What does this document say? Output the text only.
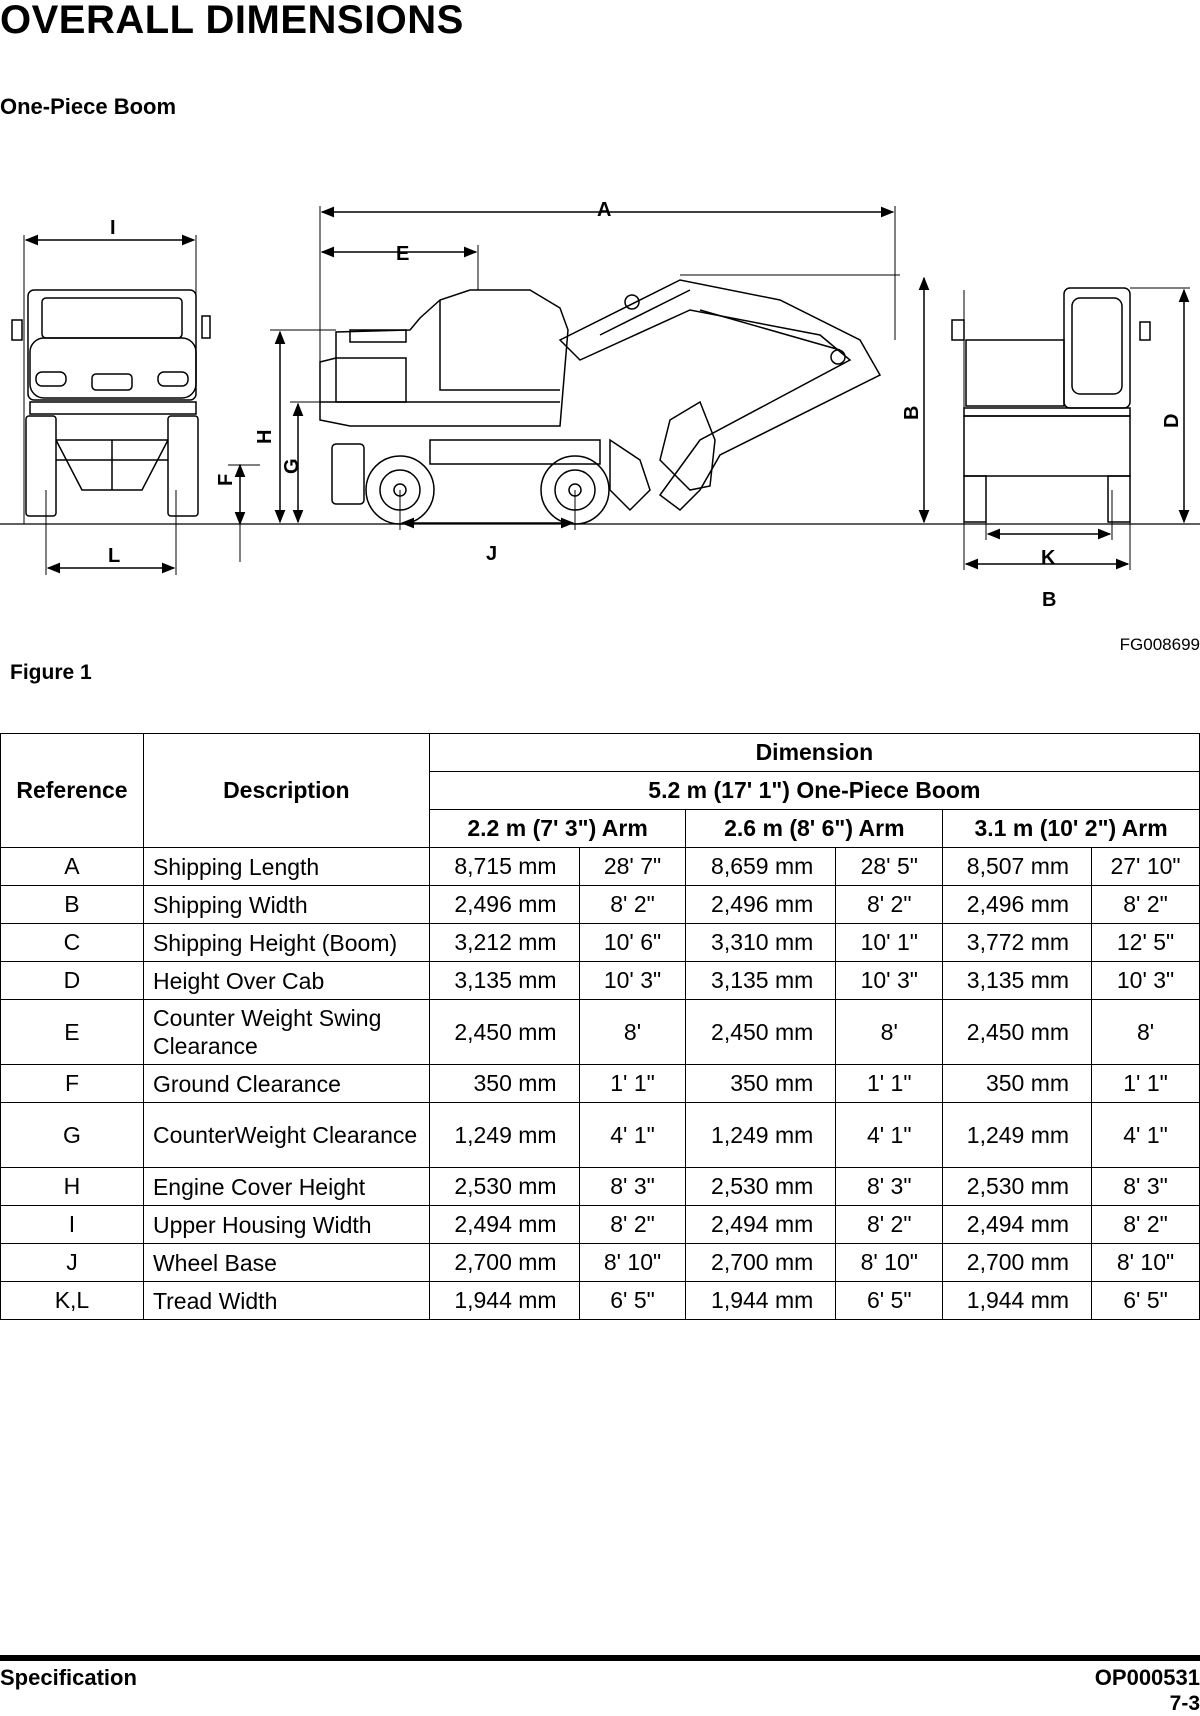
OVERALL DIMENSIONS
One-Piece Boom
I
L
F
H
G
A
E
J
B
D
K
B
FG008699
Figure 1
Reference	Description	Dimension					
		5.2 m (17' 1") One-Piece Boom					
		2.2 m (7' 3") Arm		2.6 m (8' 6") Arm		3.1 m (10' 2") Arm	
A	Shipping Length	8,715 mm	28' 7"	8,659 mm	28' 5"	8,507 mm	27' 10"
B	Shipping Width	2,496 mm	8' 2"	2,496 mm	8' 2"	2,496 mm	8' 2"
C	Shipping Height (Boom)	3,212 mm	10' 6"	3,310 mm	10' 1"	3,772 mm	12' 5"
D	Height Over Cab	3,135 mm	10' 3"	3,135 mm	10' 3"	3,135 mm	10' 3"
E	Counter Weight Swing Clearance	2,450 mm	8'	2,450 mm	8'	2,450 mm	8'
F	Ground Clearance	350 mm	1' 1"	350 mm	1' 1"	350 mm	1' 1"
G	CounterWeight Clearance	1,249 mm	4' 1"	1,249 mm	4' 1"	1,249 mm	4' 1"
H	Engine Cover Height	2,530 mm	8' 3"	2,530 mm	8' 3"	2,530 mm	8' 3"
I	Upper Housing Width	2,494 mm	8' 2"	2,494 mm	8' 2"	2,494 mm	8' 2"
J	Wheel Base	2,700 mm	8' 10"	2,700 mm	8' 10"	2,700 mm	8' 10"
K,L	Tread Width	1,944 mm	6' 5"	1,944 mm	6' 5"	1,944 mm	6' 5"
Specification	OP000531
7-3
